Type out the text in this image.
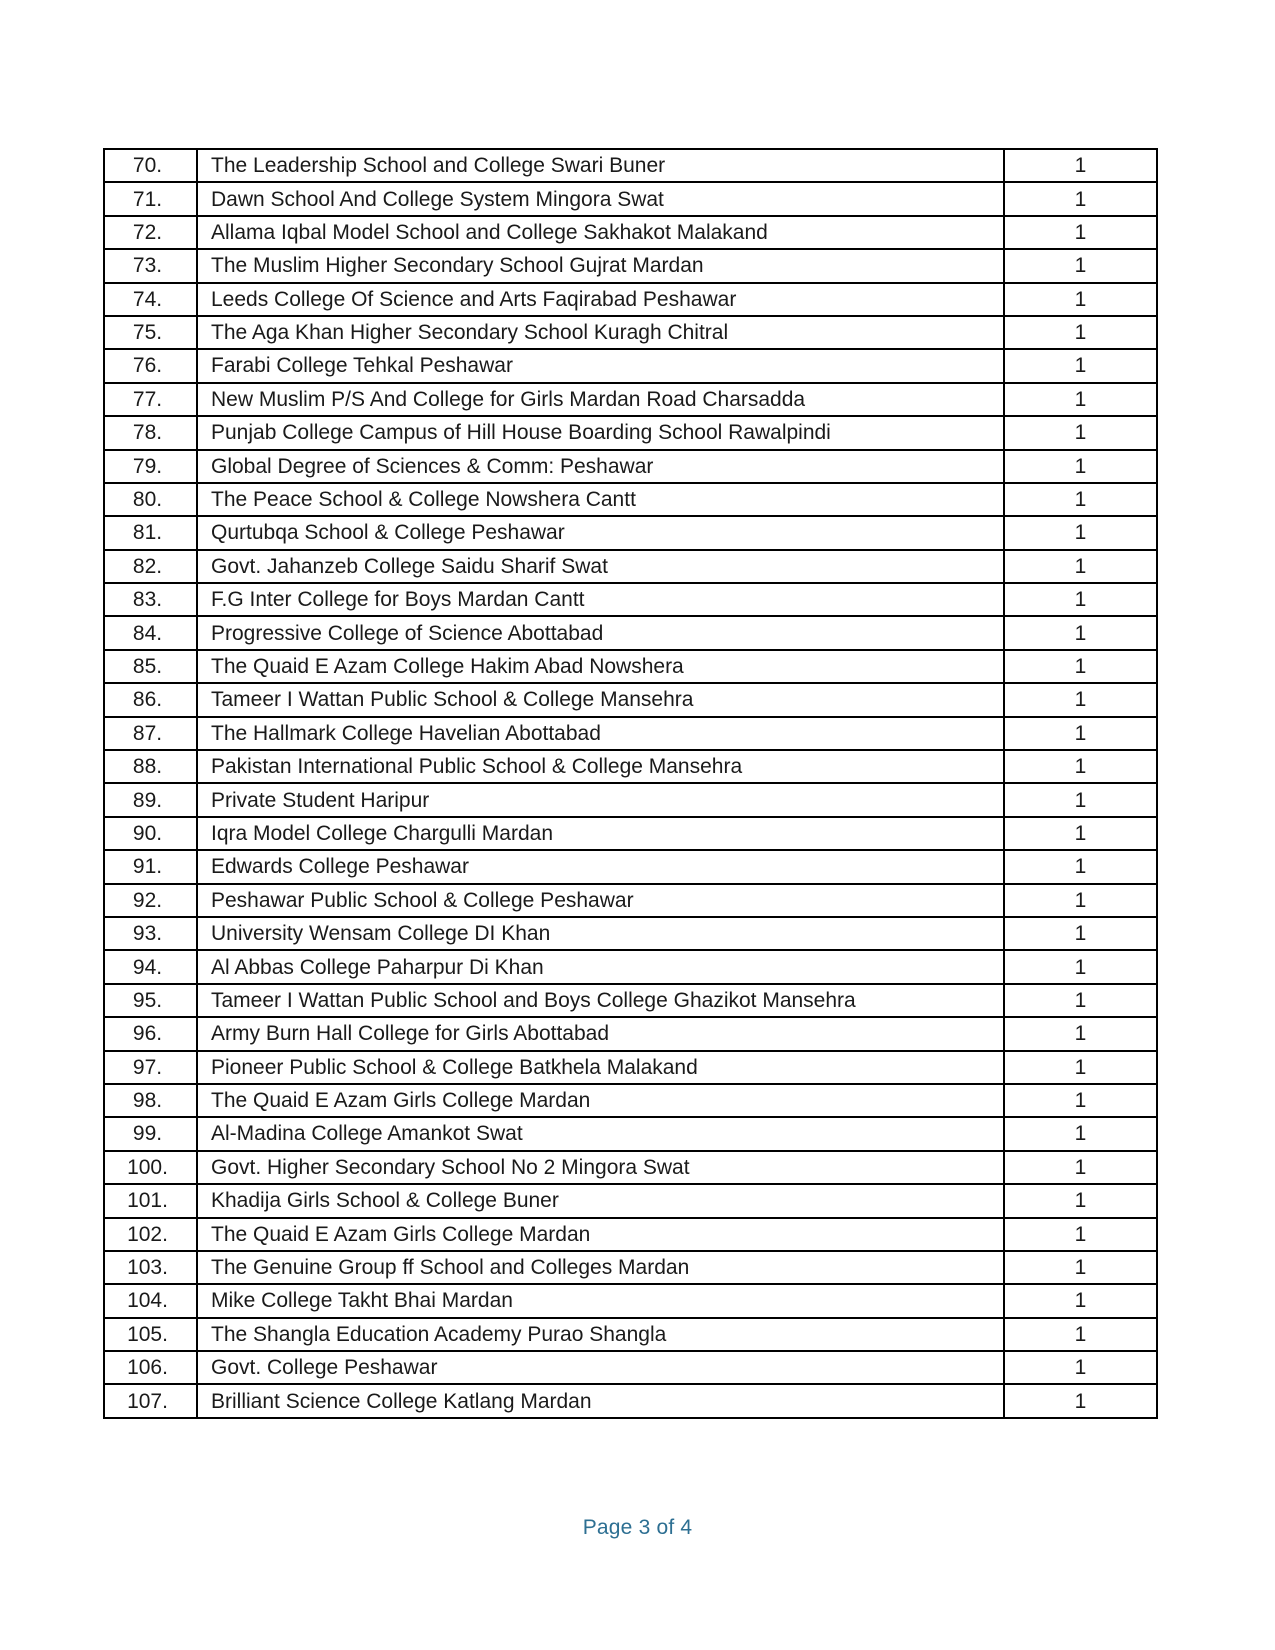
70.	The Leadership School and College Swari Buner	1
71.	Dawn School And College System Mingora Swat	1
72.	Allama Iqbal Model School and College Sakhakot Malakand	1
73.	The Muslim Higher Secondary School Gujrat Mardan	1
74.	Leeds College Of Science and Arts Faqirabad Peshawar	1
75.	The Aga Khan Higher Secondary School Kuragh Chitral	1
76.	Farabi College Tehkal Peshawar	1
77.	New Muslim P/S And College for Girls Mardan Road Charsadda	1
78.	Punjab College Campus of Hill House Boarding School Rawalpindi	1
79.	Global Degree of Sciences & Comm: Peshawar	1
80.	The Peace School & College Nowshera Cantt	1
81.	Qurtubqa School & College Peshawar	1
82.	Govt. Jahanzeb College Saidu Sharif Swat	1
83.	F.G Inter College for Boys Mardan Cantt	1
84.	Progressive College of Science Abottabad	1
85.	The Quaid E Azam College Hakim Abad Nowshera	1
86.	Tameer I Wattan Public School & College Mansehra	1
87.	The Hallmark College Havelian Abottabad	1
88.	Pakistan International Public School & College Mansehra	1
89.	Private Student Haripur	1
90.	Iqra Model College Chargulli Mardan	1
91.	Edwards College Peshawar	1
92.	Peshawar Public School & College Peshawar	1
93.	University Wensam College DI Khan	1
94.	Al Abbas College Paharpur Di Khan	1
95.	Tameer I Wattan Public School and Boys College Ghazikot Mansehra	1
96.	Army Burn Hall College for Girls Abottabad	1
97.	Pioneer Public School & College Batkhela Malakand	1
98.	The Quaid E Azam Girls College Mardan	1
99.	Al-Madina College Amankot Swat	1
100.	Govt. Higher Secondary School No 2 Mingora Swat	1
101.	Khadija Girls School & College Buner	1
102.	The Quaid E Azam Girls College Mardan	1
103.	The Genuine Group ff School and Colleges Mardan	1
104.	Mike College Takht Bhai Mardan	1
105.	The Shangla Education Academy Purao Shangla	1
106.	Govt. College Peshawar	1
107.	Brilliant Science College Katlang Mardan	1
Page 3 of 4
